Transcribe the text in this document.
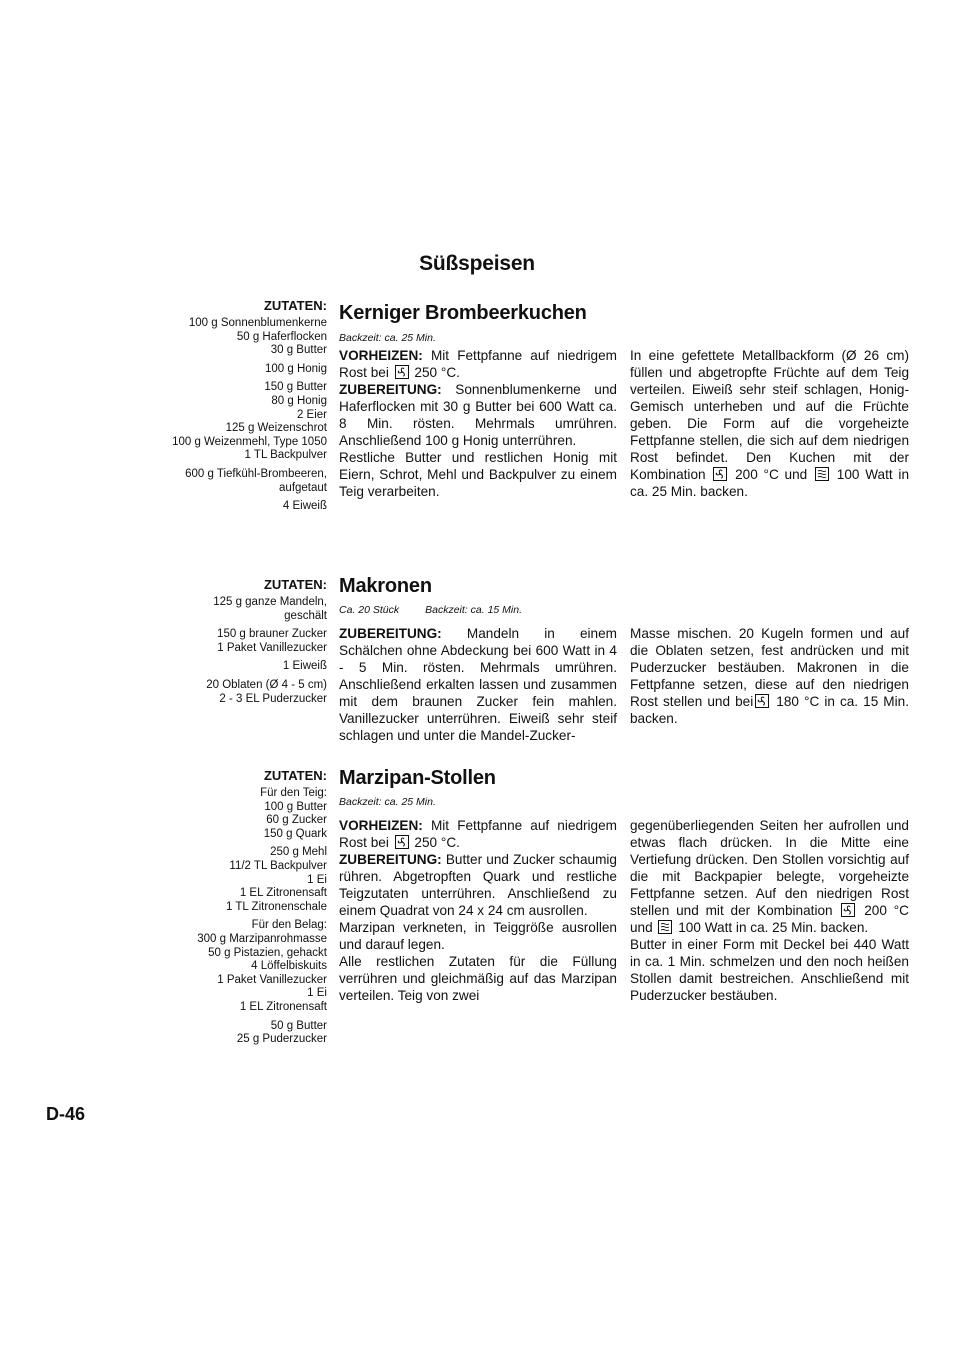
Süßspeisen
ZUTATEN:
100 g Sonnenblumenkerne
50 g Haferflocken
30 g Butter
100 g Honig
150 g Butter
80 g Honig
2 Eier
125 g Weizenschrot
100 g Weizenmehl, Type 1050
1 TL Backpulver
600 g Tiefkühl-Brombeeren,
aufgetaut
4 Eiweiß
Kerniger Brombeerkuchen
Backzeit: ca. 25 Min.

VORHEIZEN: Mit Fettpfanne auf niedrigem Rost bei
250 °C.
ZUBEREITUNG: Sonnenblumenkerne und Haferflocken mit 30 g Butter bei 600 Watt ca. 8 Min. rösten. Mehrmals umrühren. Anschließend 100 g Honig unterrühren.

Restliche Butter und restlichen Honig mit Eiern, Schrot, Mehl und Backpulver zu einem Teig verarbeiten.

In eine gefettete Metallbackform (Ø 26 cm) füllen und abgetropfte Früchte auf dem Teig verteilen. Eiweiß sehr steif schlagen, Honig-Gemisch unterheben und auf die Früchte geben. Die Form auf die vorgeheizte Fettpfanne stellen, die sich auf dem niedrigen Rost befindet. Den Kuchen mit der Kombination
200 °C und
100 Watt in ca. 25 Min. backen.

ZUTATEN:
125 g ganze Mandeln,
geschält
150 g brauner Zucker
1 Paket Vanillezucker
1 Eiweiß
20 Oblaten (Ø 4 - 5 cm)
2 - 3 EL Puderzucker
Makronen
Ca. 20 Stück Backzeit: ca. 15 Min.

ZUBEREITUNG: Mandeln in einem Schälchen ohne Abdeckung bei 600 Watt in 4 - 5 Min. rösten. Mehrmals umrühren. Anschließend erkalten lassen und zusammen mit dem braunen Zucker fein mahlen. Vanillezucker unterrühren. Eiweiß sehr steif schlagen und unter die Mandel-Zucker-

Masse mischen. 20 Kugeln formen und auf die Oblaten setzen, fest andrücken und mit Puderzucker bestäuben. Makronen in die Fettpfanne setzen, diese auf den niedrigen Rost stellen und bei
180 °C in ca. 15 Min. backen.

ZUTATEN:
Für den Teig:
100 g Butter
60 g Zucker
150 g Quark
250 g Mehl
11/2 TL Backpulver
1 Ei
1 EL Zitronensaft
1 TL Zitronenschale
Für den Belag:
300 g Marzipanrohmasse
50 g Pistazien, gehackt
4 Löffelbiskuits
1 Paket Vanillezucker
1 Ei
1 EL Zitronensaft
50 g Butter
25 g Puderzucker
Marzipan-Stollen
Backzeit: ca. 25 Min.

VORHEIZEN: Mit Fettpfanne auf niedrigem Rost bei
250 °C.
ZUBEREITUNG: Butter und Zucker schaumig rühren. Abgetropften Quark und restliche Teigzutaten unterrühren. Anschließend zu einem Quadrat von 24 x 24 cm ausrollen.

Marzipan verkneten, in Teiggröße ausrollen und darauf legen.

Alle restlichen Zutaten für die Füllung verrühren und gleichmäßig auf das Marzipan verteilen. Teig von zwei

gegenüberliegenden Seiten her aufrollen und etwas flach drücken. In die Mitte eine Vertiefung drücken. Den Stollen vorsichtig auf die mit Backpapier belegte, vorgeheizte Fettpfanne setzen. Auf den niedrigen Rost stellen und mit der Kombination
200 °C und
100 Watt in ca. 25 Min. backen.

Butter in einer Form mit Deckel bei 440 Watt in ca. 1 Min. schmelzen und den noch heißen Stollen damit bestreichen. Anschließend mit Puderzucker bestäuben.

D-46
